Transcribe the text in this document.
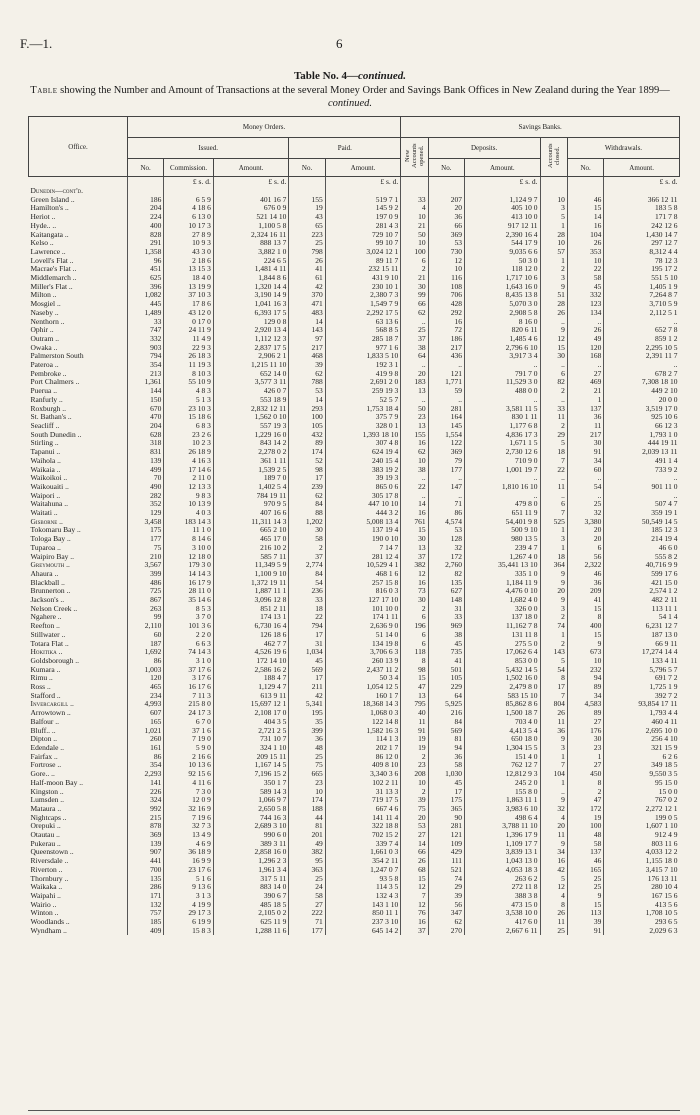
F.—1.	6
Table No. 4—continued.
Table showing the Number and Amount of Transactions at the several Money Order and Savings Bank Offices in New Zealand during the Year 1899—continued.
Office.	Money Orders.					Savings Banks.					
	Issued.			Paid.		New Accounts opened.	Deposits.		Accounts closed.	Withdrawals.	
	No.	Commission.	Amount.	No.	Amount.		No.	Amount.		No.	Amount.
		£ s. d.	£ s. d.		£ s. d.			£ s. d.			£ s. d.
Dunedin—cont'd.											
Green Island ..	186	6 5 9	401 16 7	155	519 7 1	33	207	1,124 9 7	10	46	366 12 11
Hamilton's ..	204	4 18 6	676 0 9	19	145 9 2	4	20	405 10 0	3	15	183 5 8
Heriot ..	224	6 13 0	521 14 10	43	197 0 9	10	36	413 10 0	5	14	171 7 8
Hyde.. ..	400	10 17 3	1,100 5 8	65	281 4 3	21	66	917 12 11	1	16	242 12 6
Kaitangata ..	828	27 8 9	2,324 16 11	223	729 10 7	50	369	2,390 16 4	28	104	1,430 14 7
Kelso ..	291	10 9 3	888 13 7	25	99 10 7	10	53	544 17 9	10	26	297 12 7
Lawrence ..	1,358	43 3 0	3,882 1 0	798	3,024 12 1	100	730	9,035 6 6	57	353	8,312 4 4
Lovell's Flat ..	96	2 18 6	224 6 5	26	89 11 7	6	12	50 3 0	1	10	78 12 3
Macrae's Flat ..	451	13 15 3	1,481 4 11	41	232 15 11	2	10	118 12 0	2	22	195 17 2
Middlemarch ..	625	18 4 0	1,844 8 6	61	431 9 10	21	116	1,717 10 6	3	58	551 5 10
Miller's Flat ..	396	13 19 9	1,320 14 4	42	230 10 1	30	108	1,643 16 0	9	45	1,405 1 9
Milton ..	1,082	37 10 3	3,190 14 9	370	2,380 7 3	99	706	8,435 13 8	51	332	7,264 8 7
Mosgiel ..	445	17 8 6	1,041 16 3	471	1,549 7 9	66	428	5,070 3 0	28	123	3,710 5 9
Naseby ..	1,489	43 12 0	6,393 17 5	483	2,292 17 5	62	292	2,908 5 8	26	134	2,112 5 1
Nenthorn ..	33	0 17 0	129 0 8	14	63 13 6	..	16	8 16 0	..	..	..
Ophir ..	747	24 11 9	2,920 13 4	143	568 8 5	25	72	820 6 11	9	26	652 7 8
Outram ..	332	11 4 9	1,112 12 3	97	285 18 7	37	186	1,485 4 6	12	49	859 1 2
Owaka ..	903	22 9 3	2,837 17 5	217	977 1 6	38	217	2,796 6 10	15	120	2,295 10 5
Palmerston South	794	26 18 3	2,906 2 1	468	1,833 5 10	64	436	3,917 3 4	30	168	2,391 11 7
Pateroa ..	354	11 19 3	1,215 11 10	39	192 3 1	..	..	..	..	..	..
Pembroke ..	213	8 10 3	652 14 0	62	419 9 8	20	121	791 7 0	6	27	678 2 7
Port Chalmers ..	1,361	55 10 9	3,577 3 11	788	2,691 2 0	183	1,771	11,529 3 0	82	469	7,308 18 10
Puerua ..	144	4 8 3	426 0 7	53	259 19 3	13	59	488 0 0	2	21	449 2 10
Ranfurly ..	150	5 1 3	553 18 9	14	52 5 7	..	..	..	..	1	20 0 0
Roxburgh ..	670	23 10 3	2,832 12 11	293	1,753 18 4	50	281	3,581 11 5	33	137	3,519 17 0
St. Bathan's ..	470	15 18 6	1,562 0 10	100	375 7 9	23	164	830 1 11	11	36	925 10 6
Seacliff ..	204	6 8 3	557 19 3	105	328 0 1	13	145	1,177 6 8	2	11	66 12 3
South Dunedin ..	628	23 2 6	1,229 16 0	432	1,393 18 10	155	1,554	4,836 17 3	29	217	1,793 1 0
Stirling ..	318	10 2 3	843 14 2	89	307 4 8	16	122	1,671 1 5	5	30	444 19 11
Tapanui ..	831	26 18 9	2,278 0 2	174	624 19 4	62	369	2,730 12 6	18	91	2,039 13 11
Waihola ..	139	4 16 3	361 1 11	52	240 15 4	10	79	710 9 0	7	34	491 1 4
Waikaia ..	499	17 14 6	1,539 2 5	98	383 19 2	38	177	1,001 19 7	22	60	733 9 2
Waikoikoi ..	70	2 11 0	189 7 0	17	39 19 3	..	..	..	..	..	..
Waikouaiti ..	490	12 13 3	1,402 5 4	239	865 0 6	22	147	1,810 16 10	11	54	901 11 0
Waipori ..	282	9 8 3	784 19 11	62	305 17 8	..	..	..	..	..	..
Waitahuna ..	352	10 13 9	970 9 5	84	447 10 10	14	71	479 8 0	6	25	507 4 7
Waitati ..	129	4 0 3	407 16 6	88	444 3 2	16	86	651 11 9	7	32	359 19 1
Gisborne ..	3,458	183 14 3	11,311 14 3	1,202	5,008 13 4	761	4,574	54,401 9 8	525	3,380	50,549 14 5
Tokomaru Bay ..	175	11 1 0	665 2 10	30	137 19 4	15	53	500 9 10	1	20	185 12 3
Tologa Bay ..	177	8 14 6	465 17 0	58	190 0 10	30	128	980 13 5	3	20	214 19 4
Tuparoa ..	75	3 10 0	216 10 2	2	7 14 7	13	32	239 4 7	1	6	46 6 0
Waipiro Bay ..	210	12 18 0	585 7 11	37	281 12 4	37	172	1,267 4 0	18	56	555 8 2
Greymouth ..	3,567	179 3 0	11,349 5 9	2,774	10,529 4 1	382	2,760	35,441 13 10	364	2,322	40,716 9 9
Ahaura ..	399	14 14 3	1,100 9 10	84	468 1 6	12	82	335 1 0	9	46	599 17 6
Blackball ..	486	16 17 9	1,372 19 11	54	257 15 8	16	135	1,184 11 9	9	36	421 15 0
Brunnerton ..	725	28 11 0	1,887 11 1	236	816 0 3	73	627	4,476 0 10	20	209	2,574 1 2
Jackson's ..	867	35 14 6	3,096 12 8	33	127 17 10	30	148	1,682 4 0	9	41	482 2 11
Nelson Creek ..	263	8 5 3	851 2 11	18	101 10 0	2	31	326 0 0	3	15	113 11 1
Ngahere ..	99	3 7 0	174 13 1	22	174 1 11	6	33	137 18 0	2	8	54 1 4
Reefton ..	2,110	101 3 6	6,730 16 4	794	2,636 9 0	196	969	11,162 7 8	74	400	6,231 12 7
Stillwater ..	60	2 2 0	126 18 6	17	51 14 0	6	38	131 11 8	1	15	187 13 0
Totara Flat ..	187	6 6 3	462 7 7	31	134 19 8	6	45	275 5 0	2	9	66 9 11
Hokitika ..	1,692	74 14 3	4,526 19 6	1,034	3,706 6 3	118	735	17,062 6 4	143	673	17,274 14 4
Goldsborough ..	86	3 1 0	172 14 10	45	260 13 9	8	41	853 0 0	5	10	133 4 11
Kumara ..	1,003	37 17 6	2,586 16 2	569	2,437 11 2	98	501	5,432 14 5	54	232	5,796 5 7
Rimu ..	120	3 17 6	188 4 7	17	50 3 4	15	105	1,502 16 0	8	94	691 7 2
Ross ..	465	16 17 6	1,129 4 7	211	1,054 12 5	47	229	2,479 8 0	17	89	1,725 1 9
Stafford ..	234	7 11 3	613 9 11	42	160 1 7	13	64	583 15 10	7	34	392 7 2
Invercargill ..	4,993	215 8 0	15,697 12 1	5,341	18,368 14 3	795	5,925	85,862 8 6	804	4,583	93,854 17 11
Arrowtown ..	607	24 17 3	2,108 17 0	195	1,068 0 3	40	216	1,500 18 7	26	89	1,793 4 4
Balfour ..	165	6 7 0	404 3 5	35	122 14 8	11	84	703 4 0	11	27	460 4 11
Bluff.. ..	1,021	37 1 6	2,721 2 5	399	1,582 16 3	91	569	4,413 5 4	36	176	2,695 10 0
Dipton ..	260	7 19 0	731 10 7	36	114 1 3	19	81	650 18 0	9	30	256 4 10
Edendale ..	161	5 9 0	324 1 10	48	202 1 7	19	94	1,304 15 5	3	23	321 15 9
Fairfax ..	86	2 16 6	209 15 11	25	86 12 0	2	36	151 4 0	1	1	6 2 6
Fortrose ..	354	10 13 6	1,167 14 5	75	409 8 10	23	58	762 12 7	7	27	349 18 5
Gore.. ..	2,293	92 15 6	7,196 15 2	665	3,340 3 6	208	1,030	12,812 9 3	104	450	9,550 3 5
Half-moon Bay ..	141	4 11 6	350 1 7	23	102 2 11	10	45	245 2 0	1	8	95 15 0
Kingston ..	226	7 3 0	589 14 3	10	31 13 3	2	17	155 8 0	..	2	15 0 0
Lumsden ..	324	12 0 9	1,066 9 7	174	719 17 5	39	175	1,863 11 1	9	47	767 0 2
Mataura ..	992	32 16 9	2,650 5 8	188	667 4 6	75	365	3,983 6 10	32	172	2,272 12 1
Nightcaps ..	215	7 19 6	744 16 3	44	141 11 4	20	90	498 6 4	4	19	199 0 5
Orepuki ..	878	32 7 3	2,689 3 10	81	322 18 8	53	281	3,788 11 10	20	100	1,607 1 10
Otautau ..	369	13 4 9	990 6 0	201	702 15 2	27	121	1,396 17 9	11	48	912 4 9
Pukerau ..	139	4 6 9	389 3 11	49	339 7 4	14	109	1,109 17 7	9	58	803 11 6
Queenstown ..	907	36 18 9	2,858 16 0	382	1,661 0 3	66	429	3,839 13 1	34	137	4,033 12 2
Riversdale ..	441	16 9 9	1,296 2 3	95	354 2 11	26	111	1,043 13 0	16	46	1,155 18 0
Riverton ..	700	23 17 6	1,961 3 4	363	1,247 0 7	68	521	4,053 18 3	42	165	3,415 7 10
Thornbury ..	135	5 1 6	317 5 11	25	93 5 8	15	74	263 6 2	5	25	176 13 11
Waikaka ..	286	9 13 6	883 14 0	24	114 3 5	12	29	272 11 8	12	25	280 10 4
Waipahi ..	171	3 1 3	390 6 7	58	132 4 3	7	39	388 3 8	4	9	167 15 6
Wairio ..	132	4 19 9	485 18 5	27	143 1 10	12	56	473 15 0	8	15	413 5 6
Winton ..	757	29 17 3	2,105 0 2	222	850 11 1	76	347	3,538 10 0	26	113	1,708 10 5
Woodlands ..	185	6 19 9	625 11 9	71	237 3 10	16	62	417 6 0	11	39	293 6 5
Wyndham ..	409	15 8 3	1,288 11 6	177	645 14 2	37	270	2,667 6 11	25	91	2,029 6 3
